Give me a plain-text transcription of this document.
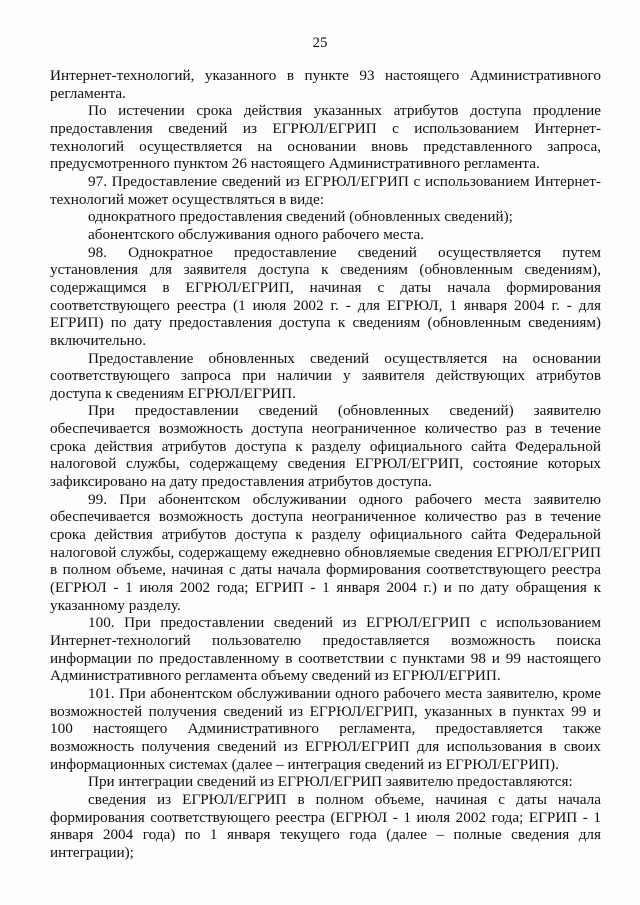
25

Интернет-технологий, указанного в пункте 93 настоящего Административного регламента.

По истечении срока действия указанных атрибутов доступа продление предоставления сведений из ЕГРЮЛ/ЕГРИП с использованием Интернет-технологий осуществляется на основании вновь представленного запроса, предусмотренного пунктом 26 настоящего Административного регламента.

97. Предоставление сведений из ЕГРЮЛ/ЕГРИП с использованием Интернет-технологий может осуществляться в виде:

однократного предоставления сведений (обновленных сведений);

абонентского обслуживания одного рабочего места.

98. Однократное предоставление сведений осуществляется путем установления для заявителя доступа к сведениям (обновленным сведениям), содержащимся в ЕГРЮЛ/ЕГРИП, начиная с даты начала формирования соответствующего реестра (1 июля 2002 г. - для ЕГРЮЛ, 1 января 2004 г. - для ЕГРИП) по дату предоставления доступа к сведениям (обновленным сведениям) включительно.

Предоставление обновленных сведений осуществляется на основании соответствующего запроса при наличии у заявителя действующих атрибутов доступа к сведениям ЕГРЮЛ/ЕГРИП.

При предоставлении сведений (обновленных сведений) заявителю обеспечивается возможность доступа неограниченное количество раз в течение срока действия атрибутов доступа к разделу официального сайта Федеральной налоговой службы, содержащему сведения ЕГРЮЛ/ЕГРИП, состояние которых зафиксировано на дату предоставления атрибутов доступа.

99. При абонентском обслуживании одного рабочего места заявителю обеспечивается возможность доступа неограниченное количество раз в течение срока действия атрибутов доступа к разделу официального сайта Федеральной налоговой службы, содержащему ежедневно обновляемые сведения ЕГРЮЛ/ЕГРИП в полном объеме, начиная с даты начала формирования соответствующего реестра (ЕГРЮЛ - 1 июля 2002 года; ЕГРИП - 1 января 2004 г.) и по дату обращения к указанному разделу.

100. При предоставлении сведений из ЕГРЮЛ/ЕГРИП с использованием Интернет-технологий пользователю предоставляется возможность поиска информации по предоставленному в соответствии с пунктами 98 и 99 настоящего Административного регламента объему сведений из ЕГРЮЛ/ЕГРИП.

101. При абонентском обслуживании одного рабочего места заявителю, кроме возможностей получения сведений из ЕГРЮЛ/ЕГРИП, указанных в пунктах 99 и 100 настоящего Административного регламента, предоставляется также возможность получения сведений из ЕГРЮЛ/ЕГРИП для использования в своих информационных системах (далее – интеграция сведений из ЕГРЮЛ/ЕГРИП).

При интеграции сведений из ЕГРЮЛ/ЕГРИП заявителю предоставляются:

сведения из ЕГРЮЛ/ЕГРИП в полном объеме, начиная с даты начала формирования соответствующего реестра (ЕГРЮЛ - 1 июля 2002 года; ЕГРИП - 1 января 2004 года) по 1 января текущего года (далее – полные сведения для интеграции);
